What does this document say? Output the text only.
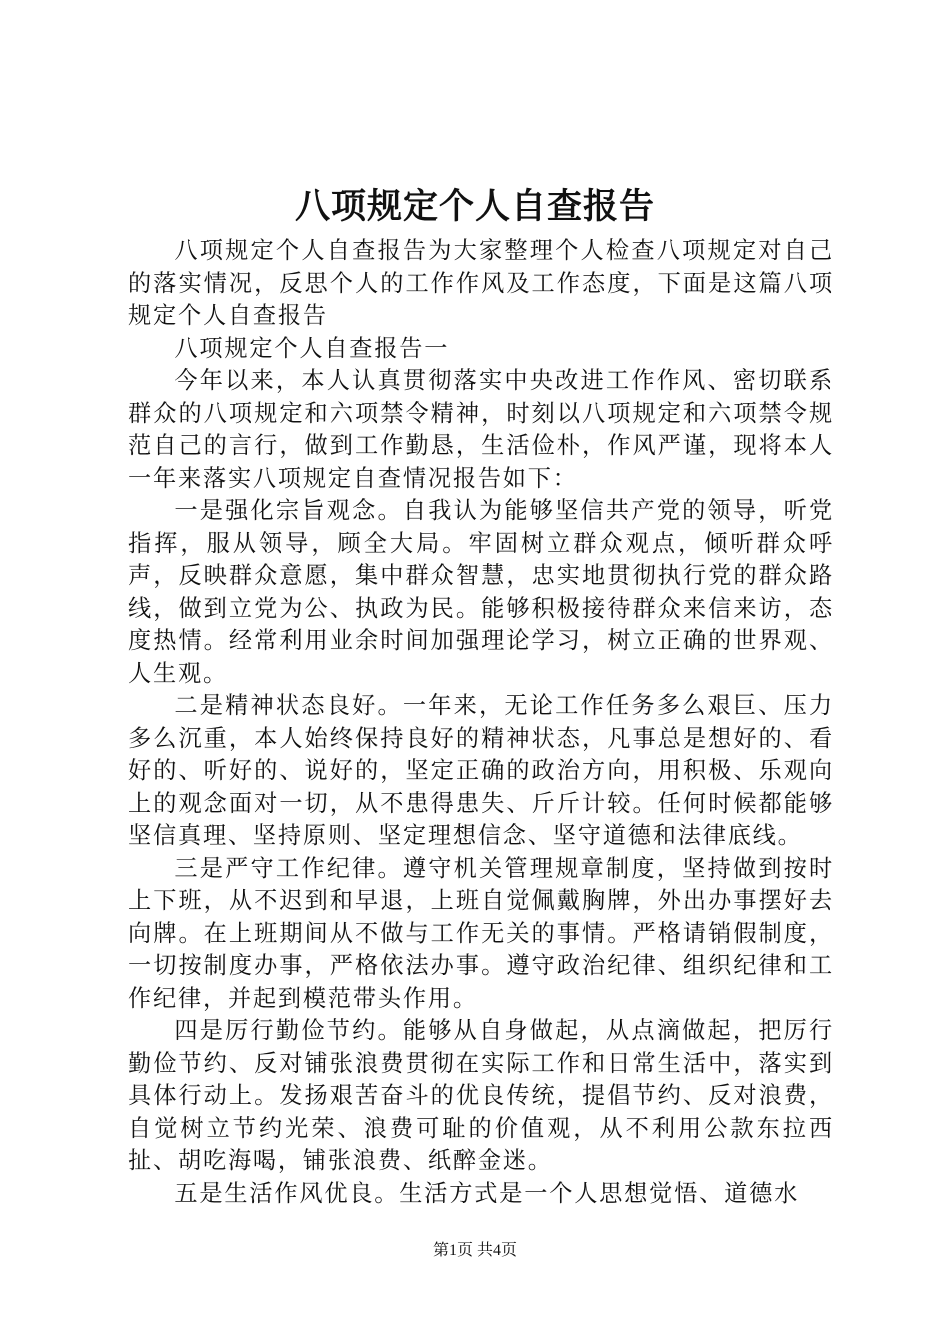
八项规定个人自查报告

八项规定个人自查报告为大家整理个人检查八项规定对自己的落实情况，反思个人的工作作风及工作态度，下面是这篇八项规定个人自查报告

八项规定个人自查报告一

今年以来，本人认真贯彻落实中央改进工作作风、密切联系群众的八项规定和六项禁令精神，时刻以八项规定和六项禁令规范自己的言行，做到工作勤恳，生活俭朴，作风严谨，现将本人一年来落实八项规定自查情况报告如下：

一是强化宗旨观念。自我认为能够坚信共产党的领导，听党指挥，服从领导，顾全大局。牢固树立群众观点，倾听群众呼声，反映群众意愿，集中群众智慧，忠实地贯彻执行党的群众路线，做到立党为公、执政为民。能够积极接待群众来信来访，态度热情。经常利用业余时间加强理论学习，树立正确的世界观、人生观。

二是精神状态良好。一年来，无论工作任务多么艰巨、压力多么沉重，本人始终保持良好的精神状态，凡事总是想好的、看好的、听好的、说好的，坚定正确的政治方向，用积极、乐观向上的观念面对一切，从不患得患失、斤斤计较。任何时候都能够坚信真理、坚持原则、坚定理想信念、坚守道德和法律底线。

三是严守工作纪律。遵守机关管理规章制度，坚持做到按时上下班，从不迟到和早退，上班自觉佩戴胸牌，外出办事摆好去向牌。在上班期间从不做与工作无关的事情。严格请销假制度，一切按制度办事，严格依法办事。遵守政治纪律、组织纪律和工作纪律，并起到模范带头作用。

四是厉行勤俭节约。能够从自身做起，从点滴做起，把厉行勤俭节约、反对铺张浪费贯彻在实际工作和日常生活中，落实到具体行动上。发扬艰苦奋斗的优良传统，提倡节约、反对浪费，自觉树立节约光荣、浪费可耻的价值观，从不利用公款东拉西扯、胡吃海喝，铺张浪费、纸醉金迷。

五是生活作风优良。生活方式是一个人思想觉悟、道德水

第1页 共4页
